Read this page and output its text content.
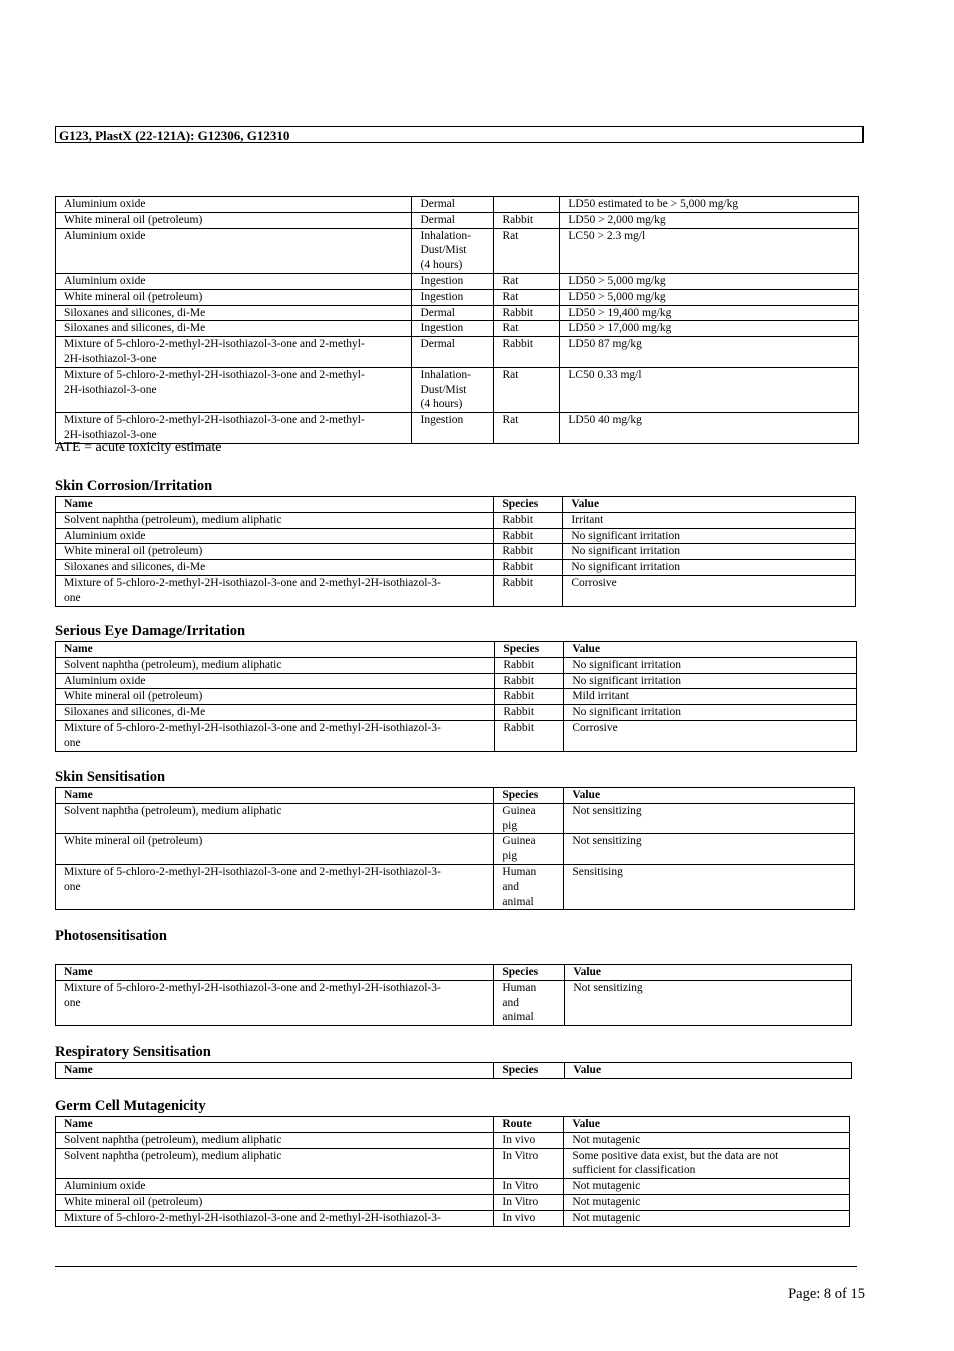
G123, PlastX (22-121A): G12306, G12310
Aluminium oxide	Dermal		LD50 estimated to be > 5,000 mg/kg
White mineral oil (petroleum)	Dermal	Rabbit	LD50 > 2,000 mg/kg
Aluminium oxide	Inhalation-
Dust/Mist
(4 hours)	Rat	LC50 > 2.3 mg/l
Aluminium oxide	Ingestion	Rat	LD50 > 5,000 mg/kg
White mineral oil (petroleum)	Ingestion	Rat	LD50 > 5,000 mg/kg
Siloxanes and silicones, di-Me	Dermal	Rabbit	LD50 > 19,400 mg/kg
Siloxanes and silicones, di-Me	Ingestion	Rat	LD50 > 17,000 mg/kg
Mixture of 5-chloro-2-methyl-2H-isothiazol-3-one and 2-methyl-
2H-isothiazol-3-one	Dermal	Rabbit	LD50 87 mg/kg
Mixture of 5-chloro-2-methyl-2H-isothiazol-3-one and 2-methyl-
2H-isothiazol-3-one	Inhalation-
Dust/Mist
(4 hours)	Rat	LC50 0.33 mg/l
Mixture of 5-chloro-2-methyl-2H-isothiazol-3-one and 2-methyl-
2H-isothiazol-3-one	Ingestion	Rat	LD50 40 mg/kg
ATE = acute toxicity estimate
Skin Corrosion/Irritation
Name	Species	Value
Solvent naphtha (petroleum), medium aliphatic	Rabbit	Irritant
Aluminium oxide	Rabbit	No significant irritation
White mineral oil (petroleum)	Rabbit	No significant irritation
Siloxanes and silicones, di-Me	Rabbit	No significant irritation
Mixture of 5-chloro-2-methyl-2H-isothiazol-3-one and 2-methyl-2H-isothiazol-3-
one	Rabbit	Corrosive
Serious Eye Damage/Irritation
Name	Species	Value
Solvent naphtha (petroleum), medium aliphatic	Rabbit	No significant irritation
Aluminium oxide	Rabbit	No significant irritation
White mineral oil (petroleum)	Rabbit	Mild irritant
Siloxanes and silicones, di-Me	Rabbit	No significant irritation
Mixture of 5-chloro-2-methyl-2H-isothiazol-3-one and 2-methyl-2H-isothiazol-3-
one	Rabbit	Corrosive
Skin Sensitisation
Name	Species	Value
Solvent naphtha (petroleum), medium aliphatic	Guinea
pig	Not sensitizing
White mineral oil (petroleum)	Guinea
pig	Not sensitizing
Mixture of 5-chloro-2-methyl-2H-isothiazol-3-one and 2-methyl-2H-isothiazol-3-
one	Human
and
animal	Sensitising
Photosensitisation
Name	Species	Value
Mixture of 5-chloro-2-methyl-2H-isothiazol-3-one and 2-methyl-2H-isothiazol-3-
one	Human
and
animal	Not sensitizing
Respiratory Sensitisation
Name	Species	Value
Germ Cell Mutagenicity
Name	Route	Value
Solvent naphtha (petroleum), medium aliphatic	In vivo	Not mutagenic
Solvent naphtha (petroleum), medium aliphatic	In Vitro	Some positive data exist, but the data are not
sufficient for classification
Aluminium oxide	In Vitro	Not mutagenic
White mineral oil (petroleum)	In Vitro	Not mutagenic
Mixture of 5-chloro-2-methyl-2H-isothiazol-3-one and 2-methyl-2H-isothiazol-3-	In vivo	Not mutagenic
Page: 8 of 15
